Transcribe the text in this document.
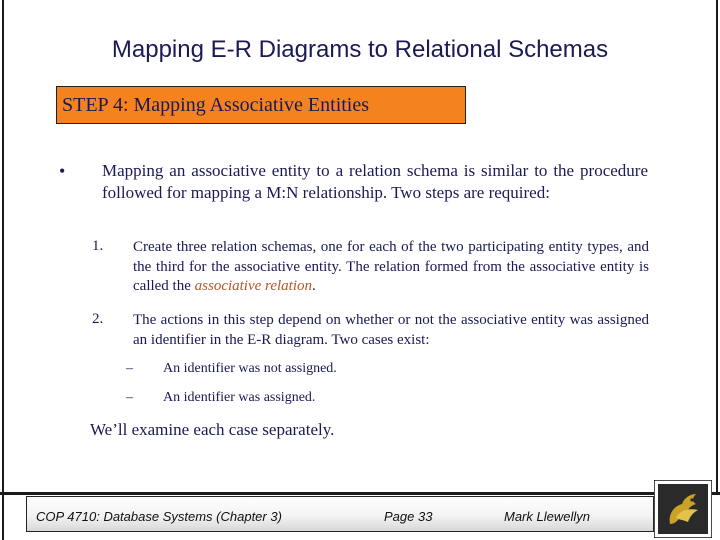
Mapping E-R Diagrams to Relational Schemas
STEP 4: Mapping Associative Entities
• Mapping an associative entity to a relation schema is similar to the procedure followed for mapping a M:N relationship. Two steps are required:
1. Create three relation schemas, one for each of the two participating entity types, and the third for the associative entity. The relation formed from the associative entity is called the associative relation.
2. The actions in this step depend on whether or not the associative entity was assigned an identifier in the E-R diagram. Two cases exist:
– An identifier was not assigned.
– An identifier was assigned.
We’ll examine each case separately.
COP 4710: Database Systems (Chapter 3)	Page 33	Mark Llewellyn
